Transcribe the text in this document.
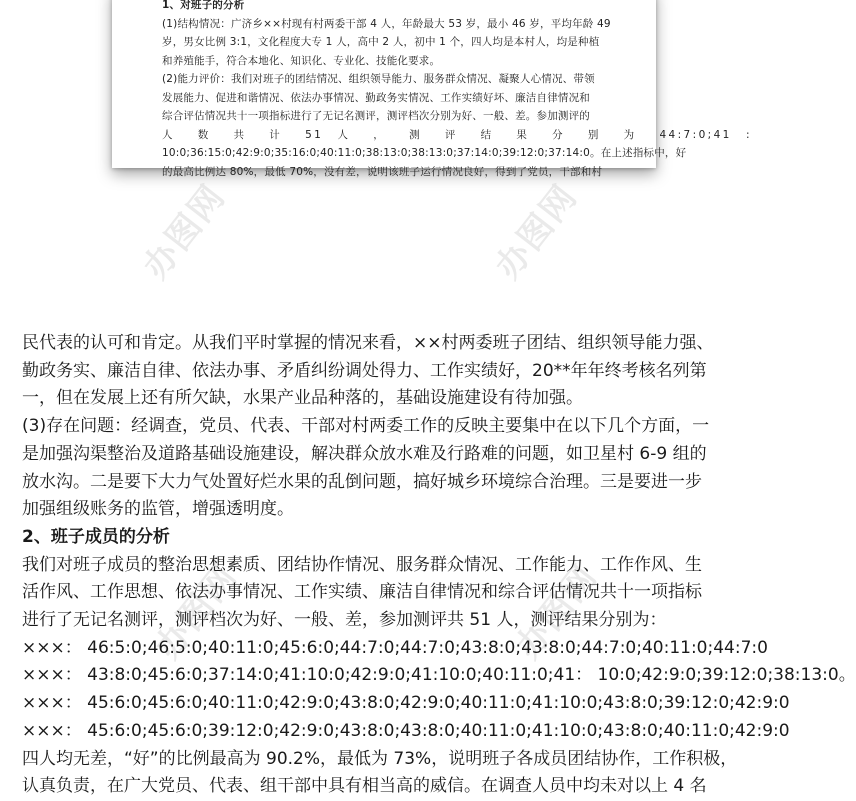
1、对班子的分析

(1)结构情况：广济乡××村现有村两委干部 4 人，年龄最大 53 岁，最小 46 岁，平均年龄 49

岁，男女比例 3:1，文化程度大专 1 人，高中 2 人，初中 1 个，四人均是本村人，均是种植

和养殖能手，符合本地化、知识化、专业化、技能化要求。

(2)能力评价：我们对班子的团结情况、组织领导能力、服务群众情况、凝聚人心情况、带领

发展能力、促进和谐情况、依法办事情况、勤政务实情况、工作实绩好坏、廉洁自律情况和

综合评估情况共十一项指标进行了无记名测评，测评档次分别为好、一般、差。参加测评的

人 数 共 计 51 人 ， 测 评 结 果 分 别 为 44:7:0;41 :

10:0;36:15:0;42:9:0;35:16:0;40:11:0;38:13:0;38:13:0;37:14:0;39:12:0;37:14:0。在上述指标中，好

的最高比例达 80%，最低 70%，没有差，说明该班子运行情况良好，得到了党员，干部和村

办图网	办图网
办图网
办图网

民代表的认可和肯定。从我们平时掌握的情况来看，××村两委班子团结、组织领导能力强、

勤政务实、廉洁自律、依法办事、矛盾纠纷调处得力、工作实绩好，20**年年终考核名列第

一，但在发展上还有所欠缺，水果产业品种落的，基础设施建设有待加强。

(3)存在问题：经调查，党员、代表、干部对村两委工作的反映主要集中在以下几个方面，一

是加强沟渠整治及道路基础设施建设，解决群众放水难及行路难的问题，如卫星村 6-9 组的

放水沟。二是要下大力气处置好烂水果的乱倒问题，搞好城乡环境综合治理。三是要进一步

加强组级账务的监管，增强透明度。

2、班子成员的分析

我们对班子成员的整治思想素质、团结协作情况、服务群众情况、工作能力、工作作风、生

活作风、工作思想、依法办事情况、工作实绩、廉洁自律情况和综合评估情况共十一项指标

进行了无记名测评，测评档次为好、一般、差，参加测评共 51 人，测评结果分别为：

×××： 46:5:0;46:5:0;40:11:0;45:6:0;44:7:0;44:7:0;43:8:0;43:8:0;44:7:0;40:11:0;44:7:0

×××： 43:8:0;45:6:0;37:14:0;41:10:0;42:9:0;41:10:0;40:11:0;41： 10:0;42:9:0;39:12:0;38:13:0。

×××： 45:6:0;45:6:0;40:11:0;42:9:0;43:8:0;42:9:0;40:11:0;41:10:0;43:8:0;39:12:0;42:9:0

×××： 45:6:0;45:6:0;39:12:0;42:9:0;43:8:0;43:8:0;40:11:0;41:10:0;43:8:0;40:11:0;42:9:0

四人均无差，“好”的比例最高为 90.2%，最低为 73%，说明班子各成员团结协作，工作积极，

认真负责，在广大党员、代表、组干部中具有相当高的威信。在调查人员中均未对以上 4 名
